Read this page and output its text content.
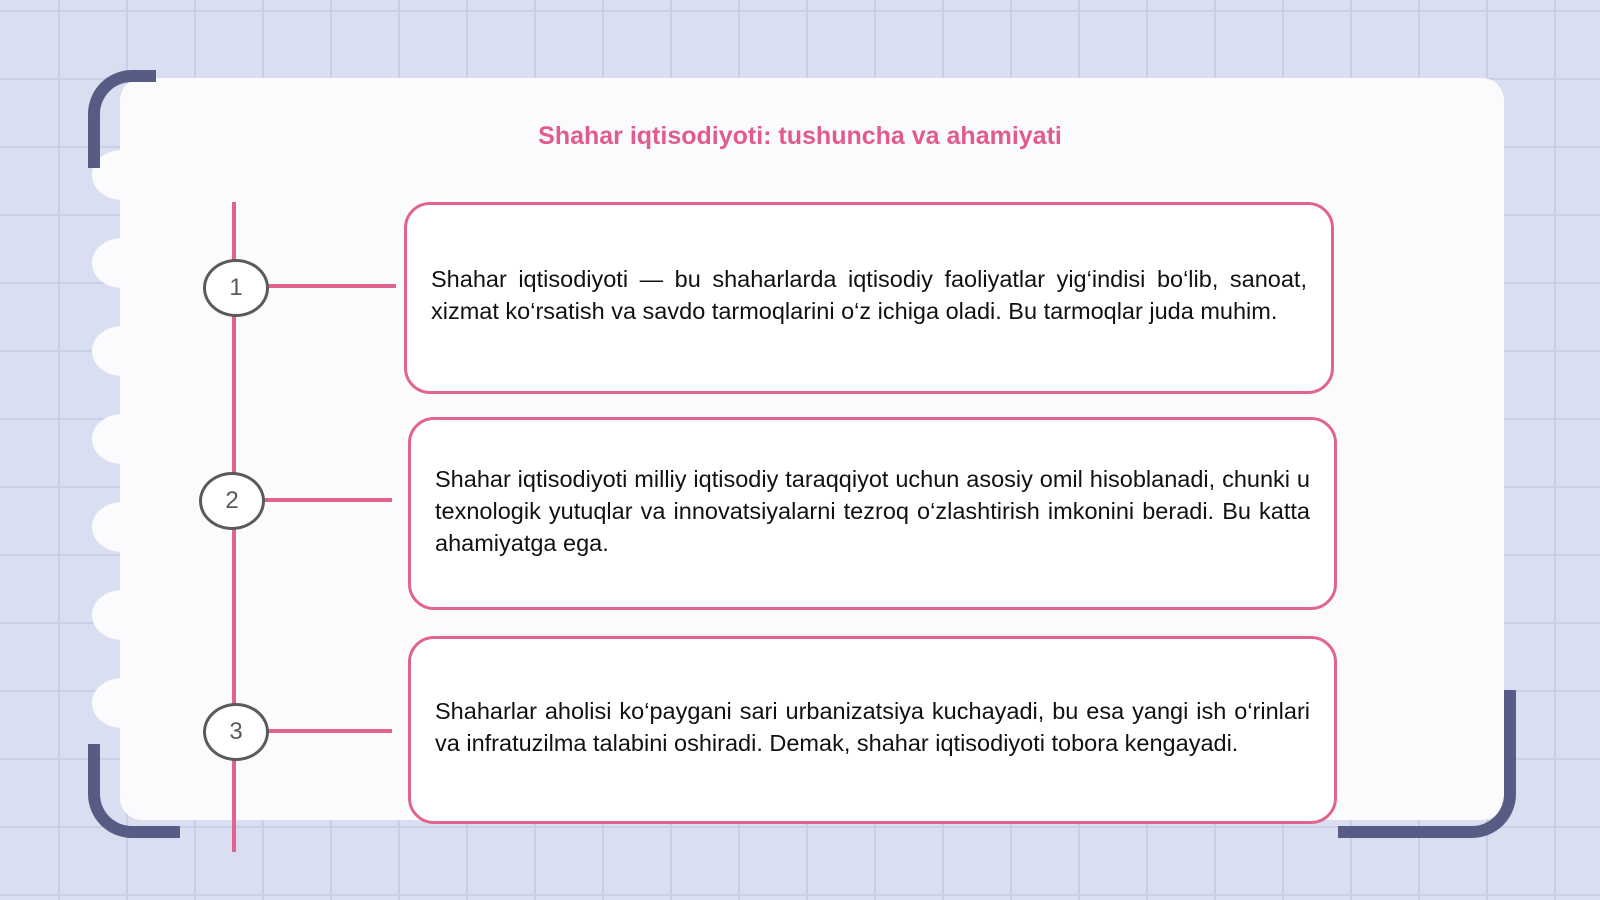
Shahar iqtisodiyoti: tushuncha va ahamiyati
1
2
3

Shahar iqtisodiyoti — bu shaharlarda iqtisodiy faoliyatlar yig‘indisi bo‘lib, sanoat, xizmat ko‘rsatish va savdo tarmoqlarini o‘z ichiga oladi. Bu tarmoqlar juda muhim.

Shahar iqtisodiyoti milliy iqtisodiy taraqqiyot uchun asosiy omil hisoblanadi, chunki u texnologik yutuqlar va innovatsiyalarni tezroq o‘zlashtirish imkonini beradi. Bu katta ahamiyatga ega.

Shaharlar aholisi ko‘paygani sari urbanizatsiya kuchayadi, bu esa yangi ish o‘rinlari va infratuzilma talabini oshiradi. Demak, shahar iqtisodiyoti tobora kengayadi.
